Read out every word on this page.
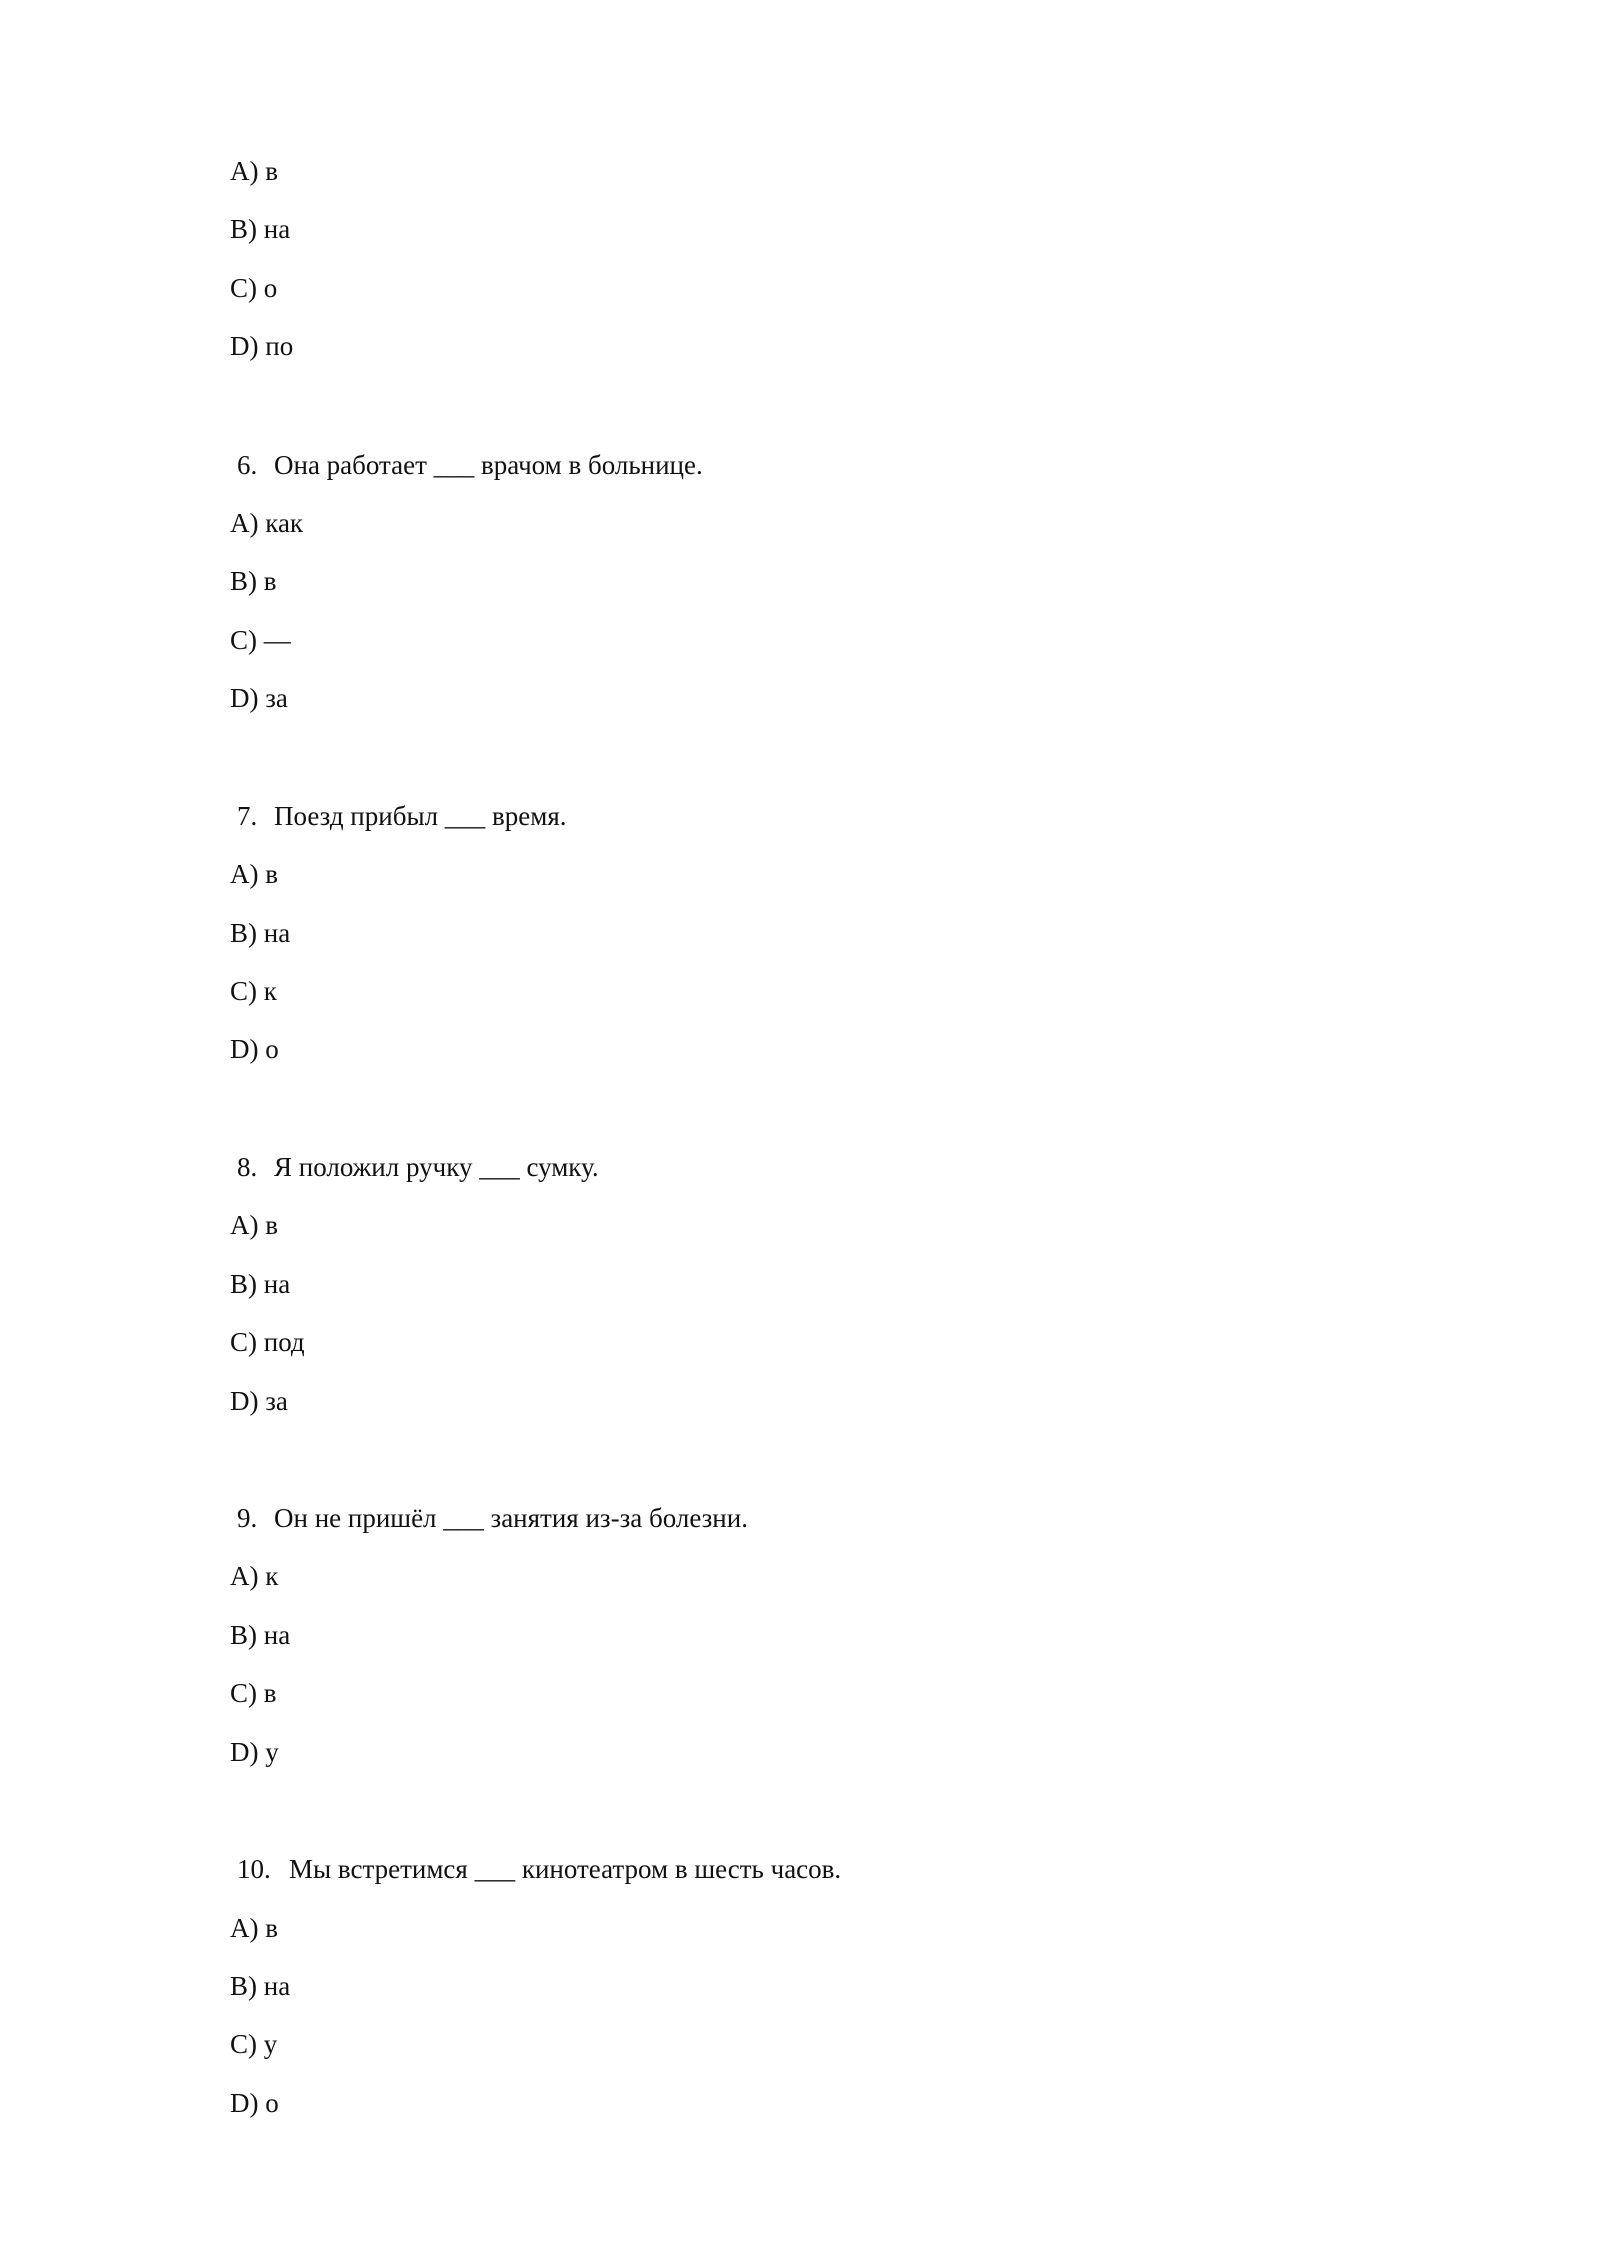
A) в
B) на
C) о
D) по
6. Она работает ___ врачом в больнице.
A) как
B) в
C) —
D) за
7. Поезд прибыл ___ время.
A) в
B) на
C) к
D) о
8. Я положил ручку ___ сумку.
A) в
B) на
C) под
D) за
9. Он не пришёл ___ занятия из-за болезни.
A) к
B) на
C) в
D) у
10. Мы встретимся ___ кинотеатром в шесть часов.
A) в
B) на
C) у
D) о
